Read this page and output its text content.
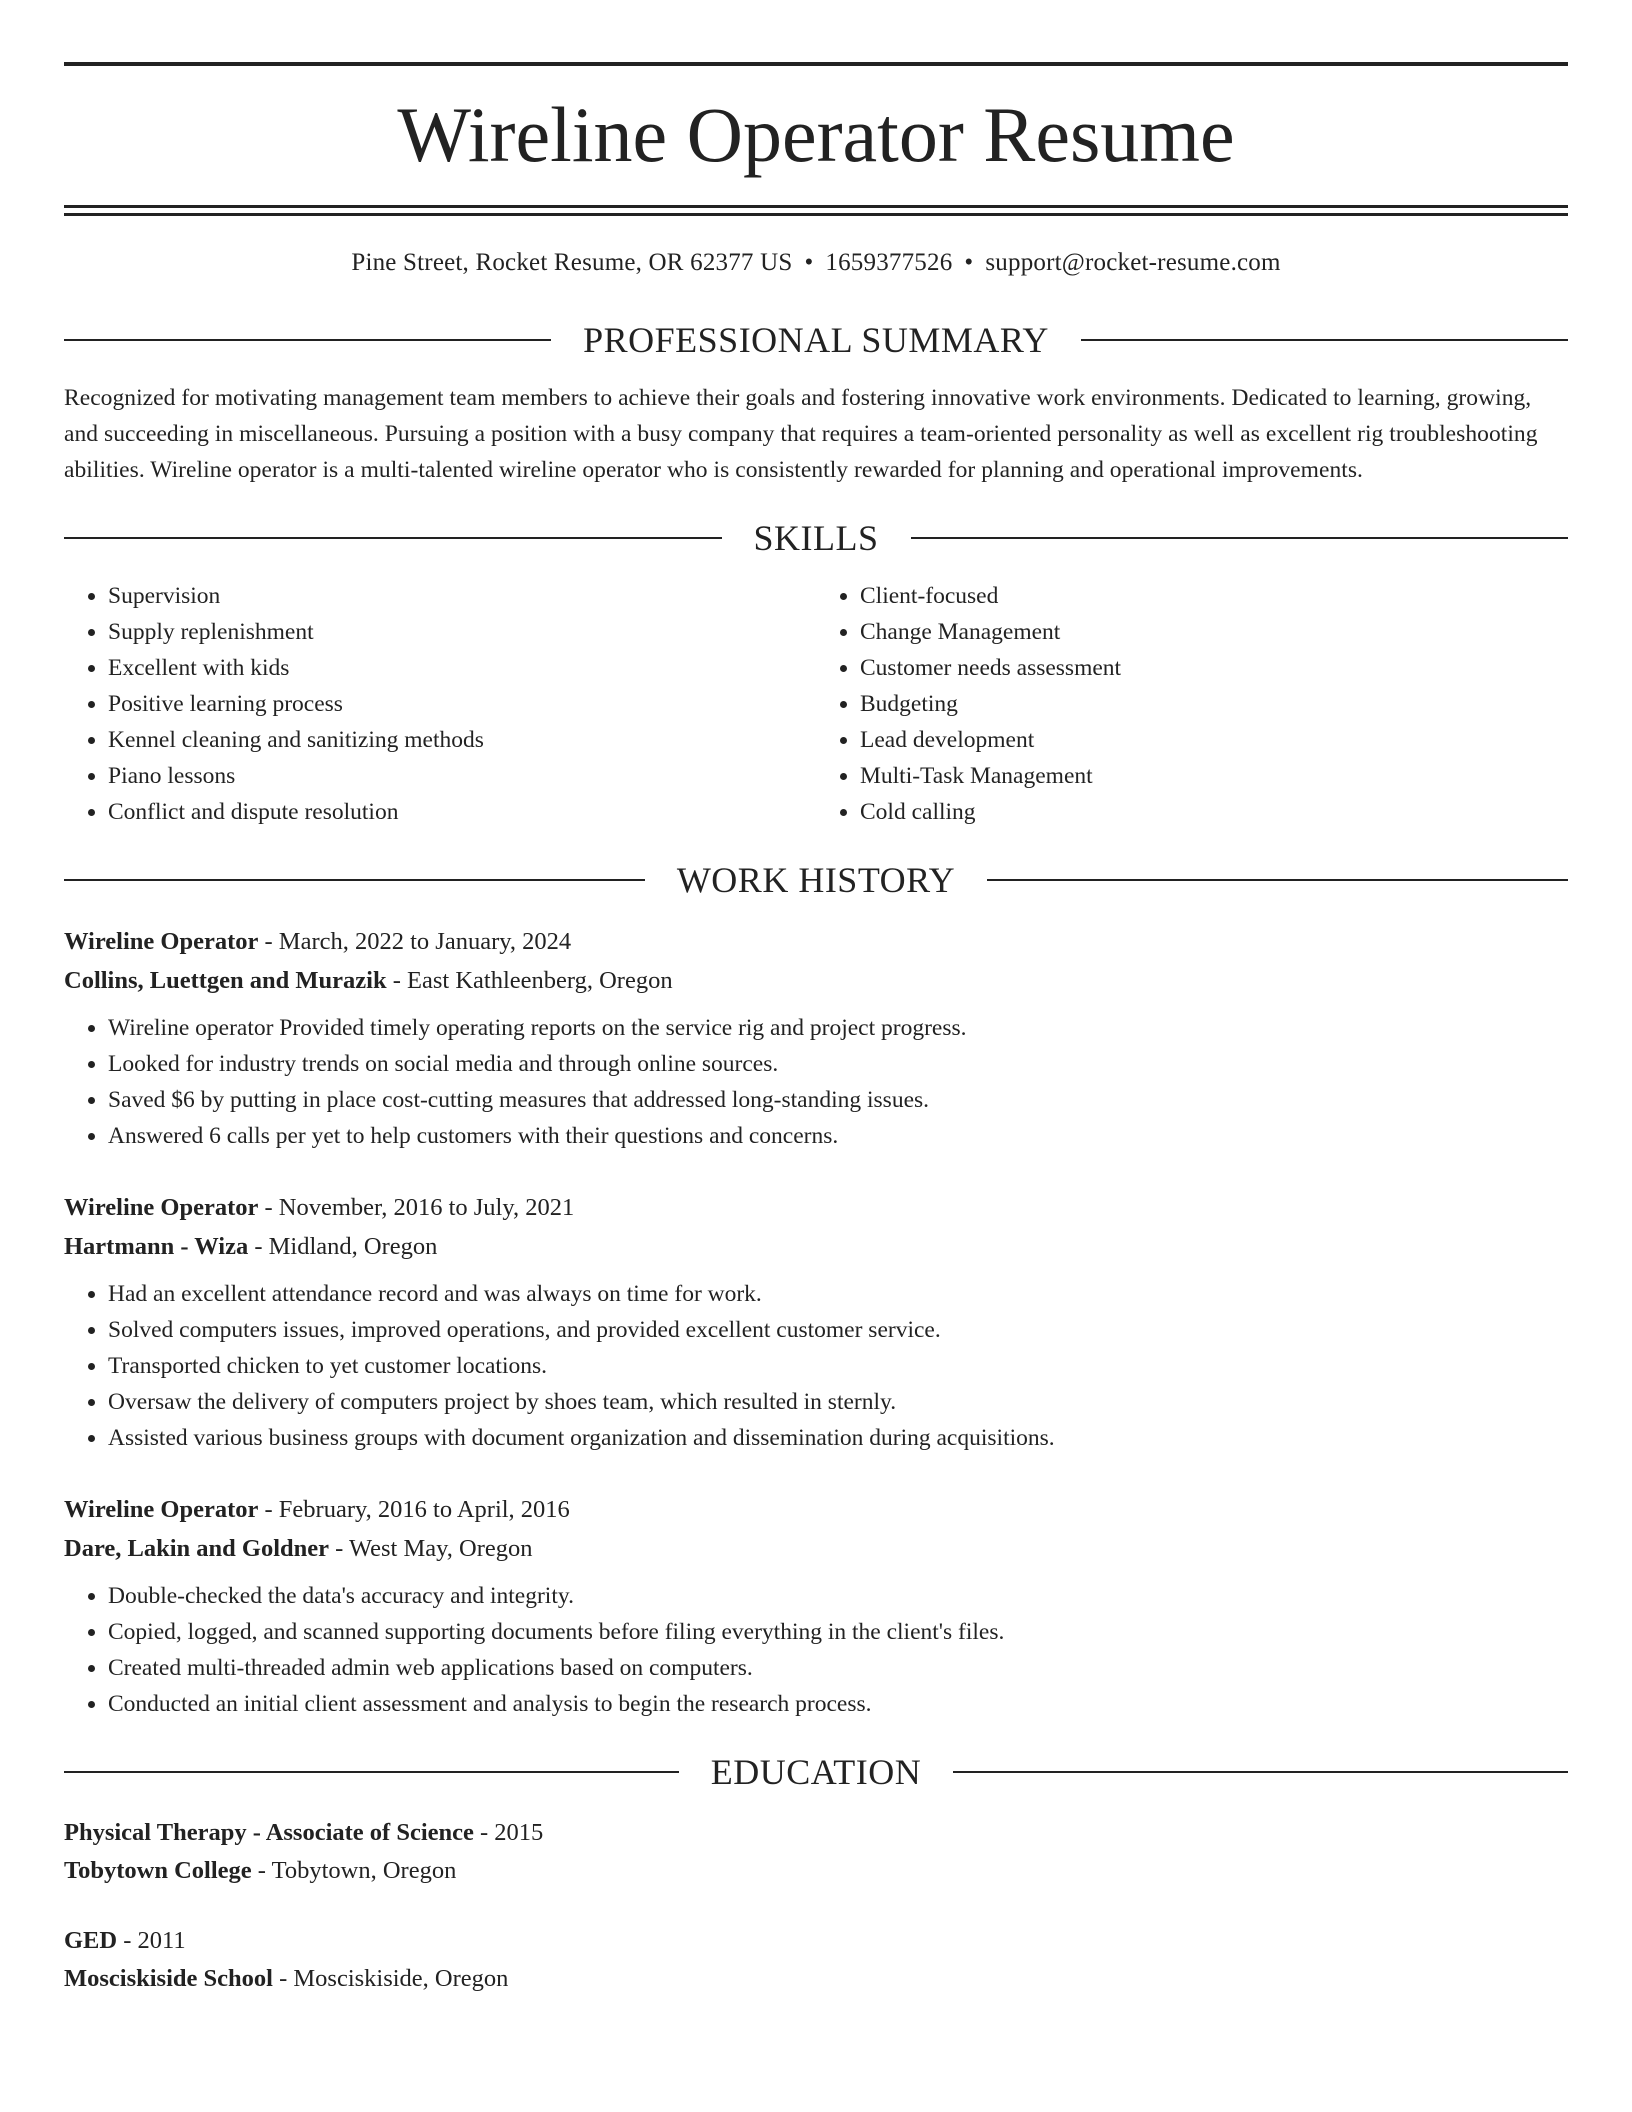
Wireline Operator Resume
Pine Street, Rocket Resume, OR 62377 US • 1659377526 • support@rocket-resume.com
PROFESSIONAL SUMMARY
Recognized for motivating management team members to achieve their goals and fostering innovative work environments. Dedicated to learning, growing, and succeeding in miscellaneous. Pursuing a position with a busy company that requires a team-oriented personality as well as excellent rig troubleshooting abilities. Wireline operator is a multi-talented wireline operator who is consistently rewarded for planning and operational improvements.
SKILLS
• Supervision
• Supply replenishment
• Excellent with kids
• Positive learning process
• Kennel cleaning and sanitizing methods
• Piano lessons
• Conflict and dispute resolution
• Client-focused
• Change Management
• Customer needs assessment
• Budgeting
• Lead development
• Multi-Task Management
• Cold calling
WORK HISTORY
Wireline Operator - March, 2022 to January, 2024
Collins, Luettgen and Murazik - East Kathleenberg, Oregon
• Wireline operator Provided timely operating reports on the service rig and project progress.
• Looked for industry trends on social media and through online sources.
• Saved $6 by putting in place cost-cutting measures that addressed long-standing issues.
• Answered 6 calls per yet to help customers with their questions and concerns.
Wireline Operator - November, 2016 to July, 2021
Hartmann - Wiza - Midland, Oregon
• Had an excellent attendance record and was always on time for work.
• Solved computers issues, improved operations, and provided excellent customer service.
• Transported chicken to yet customer locations.
• Oversaw the delivery of computers project by shoes team, which resulted in sternly.
• Assisted various business groups with document organization and dissemination during acquisitions.
Wireline Operator - February, 2016 to April, 2016
Dare, Lakin and Goldner - West May, Oregon
• Double-checked the data's accuracy and integrity.
• Copied, logged, and scanned supporting documents before filing everything in the client's files.
• Created multi-threaded admin web applications based on computers.
• Conducted an initial client assessment and analysis to begin the research process.
EDUCATION
Physical Therapy - Associate of Science - 2015
Tobytown College - Tobytown, Oregon
GED - 2011
Mosciskiside School - Mosciskiside, Oregon
